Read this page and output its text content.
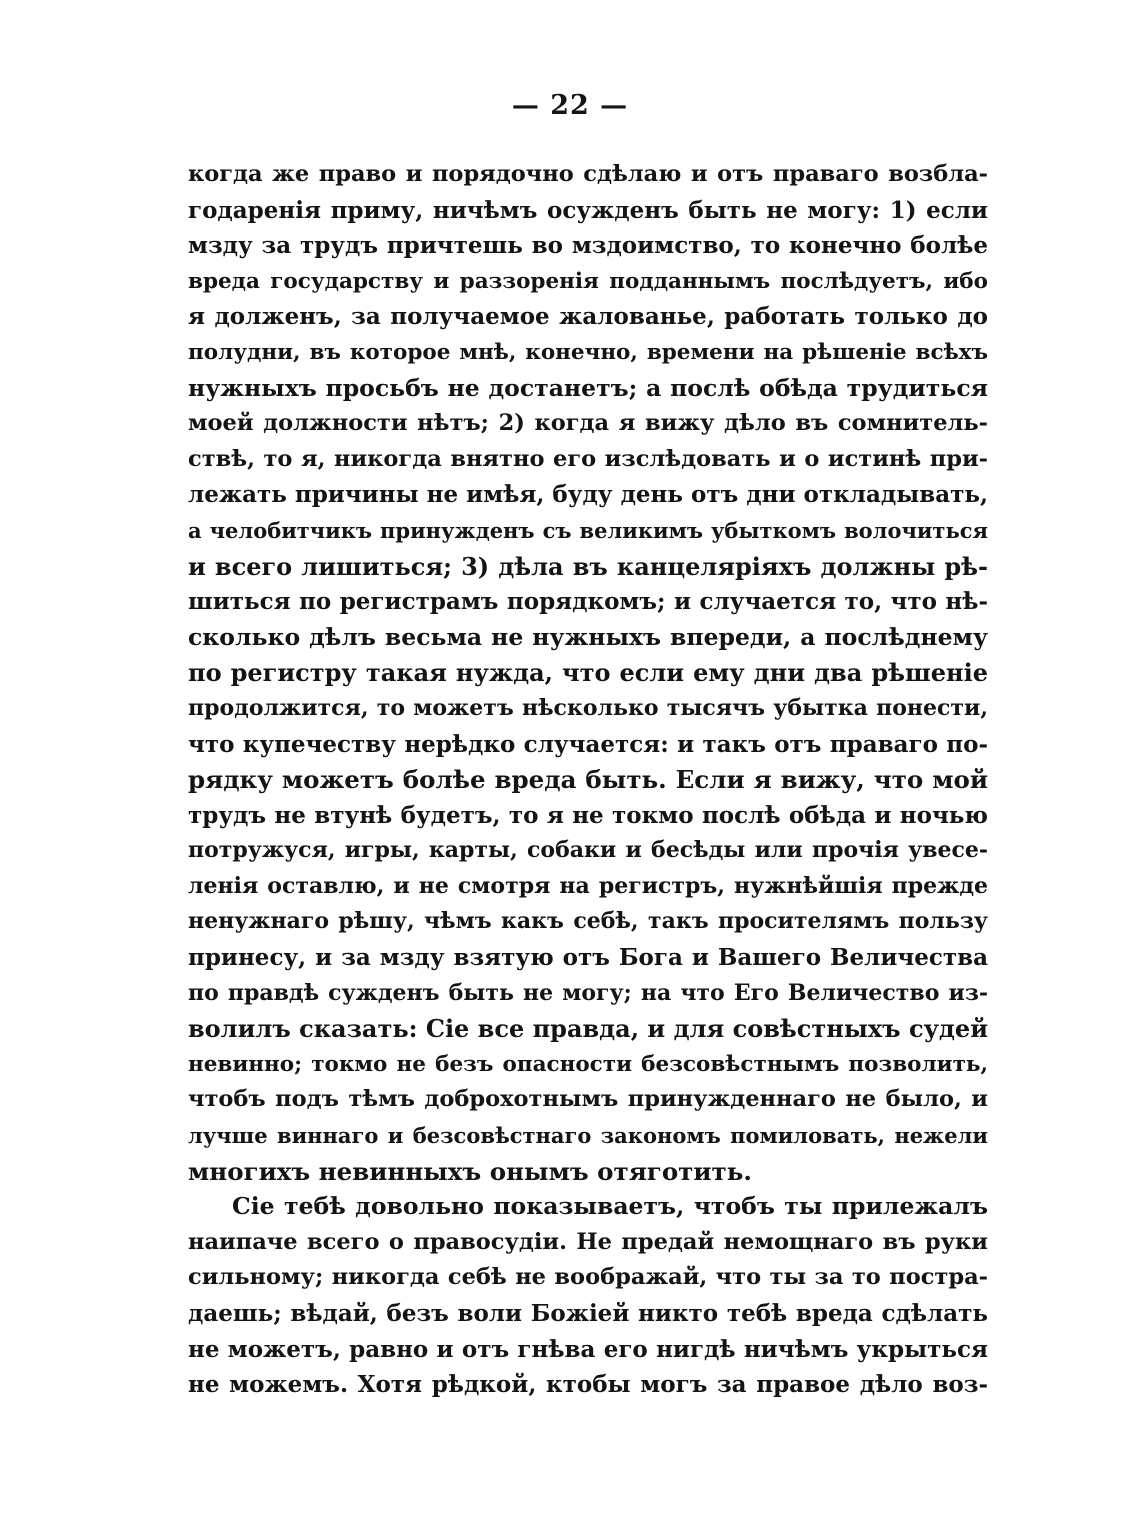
— 22 —
когда же право и порядочно сдѣлаю и отъ праваго возбла-
годаренія приму, ничѣмъ осужденъ быть не могу: 1) если
мзду за трудъ причтешь во мздоимство, то конечно болѣе
вреда государству и раззоренія подданнымъ послѣдуетъ, ибо
я долженъ, за получаемое жалованье, работать только до
полудни, въ которое мнѣ, конечно, времени на рѣшеніе всѣхъ
нужныхъ просьбъ не достанетъ; а послѣ обѣда трудиться
моей должности нѣтъ; 2) когда я вижу дѣло въ сомнитель-
ствѣ, то я, никогда внятно его изслѣдовать и о истинѣ при-
лежать причины не имѣя, буду день отъ дни откладывать,
а челобитчикъ принужденъ съ великимъ убыткомъ волочиться
и всего лишиться; 3) дѣла въ канцеляріяхъ должны рѣ-
шиться по регистрамъ порядкомъ; и случается то, что нѣ-
сколько дѣлъ весьма не нужныхъ впереди, а послѣднему
по регистру такая нужда, что если ему дни два рѣшеніе
продолжится, то можетъ нѣсколько тысячъ убытка понести,
что купечеству нерѣдко случается: и такъ отъ праваго по-
рядку можетъ болѣе вреда быть. Если я вижу, что мой
трудъ не втунѣ будетъ, то я не токмо послѣ обѣда и ночью
потружуся, игры, карты, собаки и бесѣды или прочія увесе-
ленія оставлю, и не смотря на регистръ, нужнѣйшія прежде
ненужнаго рѣшу, чѣмъ какъ себѣ, такъ просителямъ пользу
принесу, и за мзду взятую отъ Бога и Вашего Величества
по правдѣ сужденъ быть не могу; на что Его Величество из-
волилъ сказать: Сіе все правда, и для совѣстныхъ судей
невинно; токмо не безъ опасности безсовѣстнымъ позволить,
чтобъ подъ тѣмъ доброхотнымъ принужденнаго не было, и
лучше виннаго и безсовѣстнаго закономъ помиловать, нежели
многихъ невинныхъ онымъ отяготить.
Сіе тебѣ довольно показываетъ, чтобъ ты прилежалъ
наипаче всего о правосудіи. Не предай немощнаго въ руки
сильному; никогда себѣ не воображай, что ты за то постра-
даешь; вѣдай, безъ воли Божіей никто тебѣ вреда сдѣлать
не можетъ, равно и отъ гнѣва его нигдѣ ничѣмъ укрыться
не можемъ. Хотя рѣдкой, ктобы могъ за правое дѣло воз-
